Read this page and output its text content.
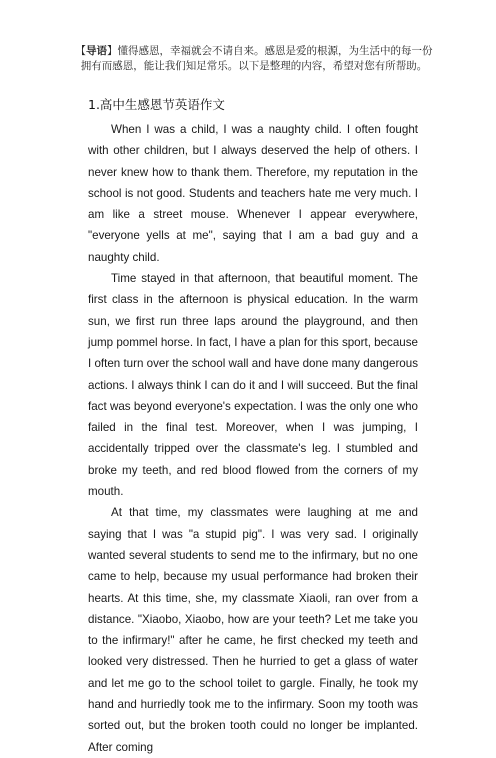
【导语】懂得感恩，幸福就会不请自来。感恩是爱的根源，为生活中的每一份拥有而感恩，能让我们知足常乐。以下是整理的内容，希望对您有所帮助。
1.高中生感恩节英语作文

When I was a child, I was a naughty child. I often fought with other children, but I always deserved the help of others. I never knew how to thank them. Therefore, my reputation in the school is not good. Students and teachers hate me very much. I am like a street mouse. Whenever I appear everywhere, "everyone yells at me", saying that I am a bad guy and a naughty child.

Time stayed in that afternoon, that beautiful moment. The first class in the afternoon is physical education. In the warm sun, we first run three laps around the playground, and then jump pommel horse. In fact, I have a plan for this sport, because I often turn over the school wall and have done many dangerous actions. I always think I can do it and I will succeed. But the final fact was beyond everyone's expectation. I was the only one who failed in the final test. Moreover, when I was jumping, I accidentally tripped over the classmate's leg. I stumbled and broke my teeth, and red blood flowed from the corners of my mouth.

At that time, my classmates were laughing at me and saying that I was "a stupid pig". I was very sad. I originally wanted several students to send me to the infirmary, but no one came to help, because my usual performance had broken their hearts. At this time, she, my classmate Xiaoli, ran over from a distance. "Xiaobo, Xiaobo, how are your teeth? Let me take you to the infirmary!" after he came, he first checked my teeth and looked very distressed. Then he hurried to get a glass of water and let me go to the school toilet to gargle. Finally, he took my hand and hurriedly took me to the infirmary. Soon my tooth was sorted out, but the broken tooth could no longer be implanted. After coming
